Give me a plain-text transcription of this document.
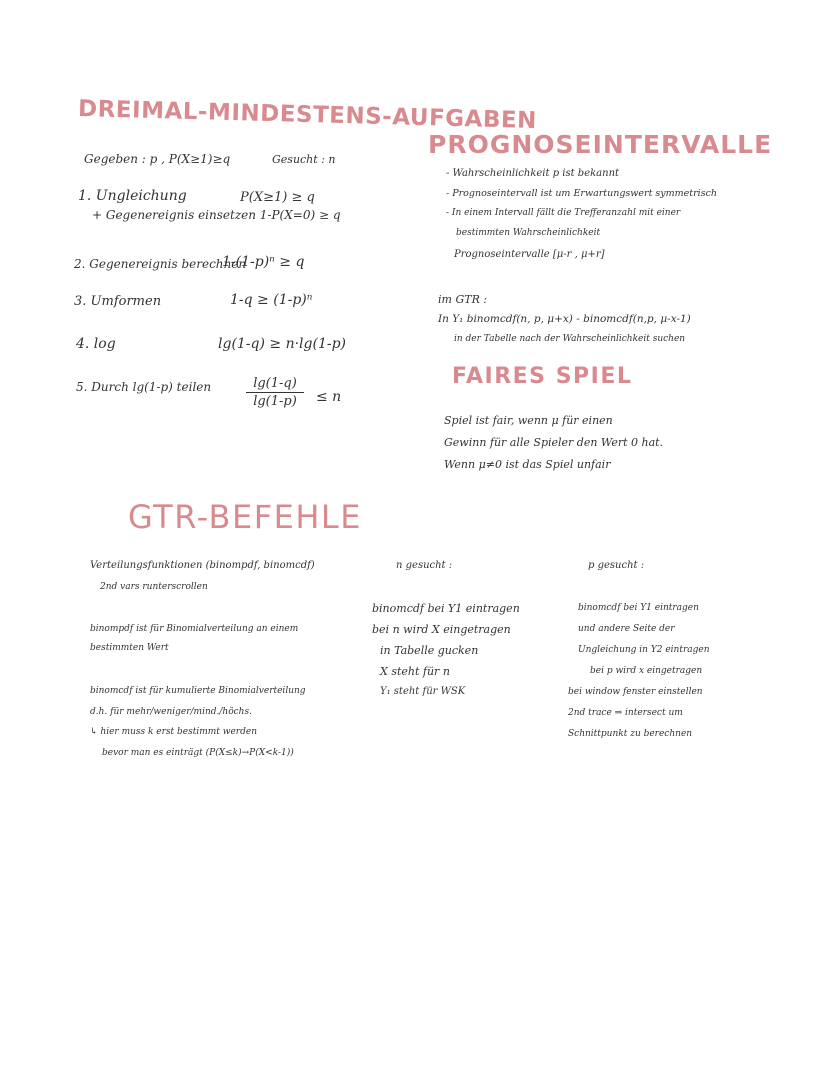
DREIMAL-MINDESTENS-AUFGABEN
Gegeben : p , P(X≥1)≥q	Gesucht : n
1. Ungleichung	P(X≥1) ≥ q
+ Gegenereignis einsetzen 1-P(X=0) ≥ q
2. Gegenereignis berechnen
1-(1-p)ⁿ ≥ q
3. Umformen	1-q ≥ (1-p)ⁿ
4. log	lg(1-q) ≥ n·lg(1-p)
5. Durch lg(1-p) teilen	lg(1-q)
lg(1-p)	≤ n
PROGNOSEINTERVALLE
- Wahrscheinlichkeit p ist bekannt
- Prognoseintervall ist um Erwartungswert symmetrisch
- In einem Intervall fällt die Trefferanzahl mit einer
bestimmten Wahrscheinlichkeit
Prognoseintervalle [μ-r , μ+r]
im GTR :
In Y₁ binomcdf(n, p, μ+x) - binomcdf(n,p, μ-x-1)
in der Tabelle nach der Wahrscheinlichkeit suchen
FAIRES SPIEL
Spiel ist fair, wenn μ für einen
Gewinn für alle Spieler den Wert 0 hat.
Wenn μ≠0 ist das Spiel unfair
GTR-BEFEHLE
Verteilungsfunktionen (binompdf, binomcdf)
2nd vars runterscrollen
binompdf ist für Binomialverteilung an einem
bestimmten Wert
binomcdf ist für kumulierte Binomialverteilung
d.h. für mehr/weniger/mind./höchs.
↳ hier muss k erst bestimmt werden
bevor man es einträgt (P(X≤k)→P(X<k-1))
n gesucht :
binomcdf bei Y1 eintragen
bei n wird X eingetragen
in Tabelle gucken
X steht für n
Y₁ steht für WSK
p gesucht :
binomcdf bei Y1 eintragen
und andere Seite der
Ungleichung in Y2 eintragen
bei p wird x eingetragen
bei window fenster einstellen
2nd trace ⇒ intersect um
Schnittpunkt zu berechnen
